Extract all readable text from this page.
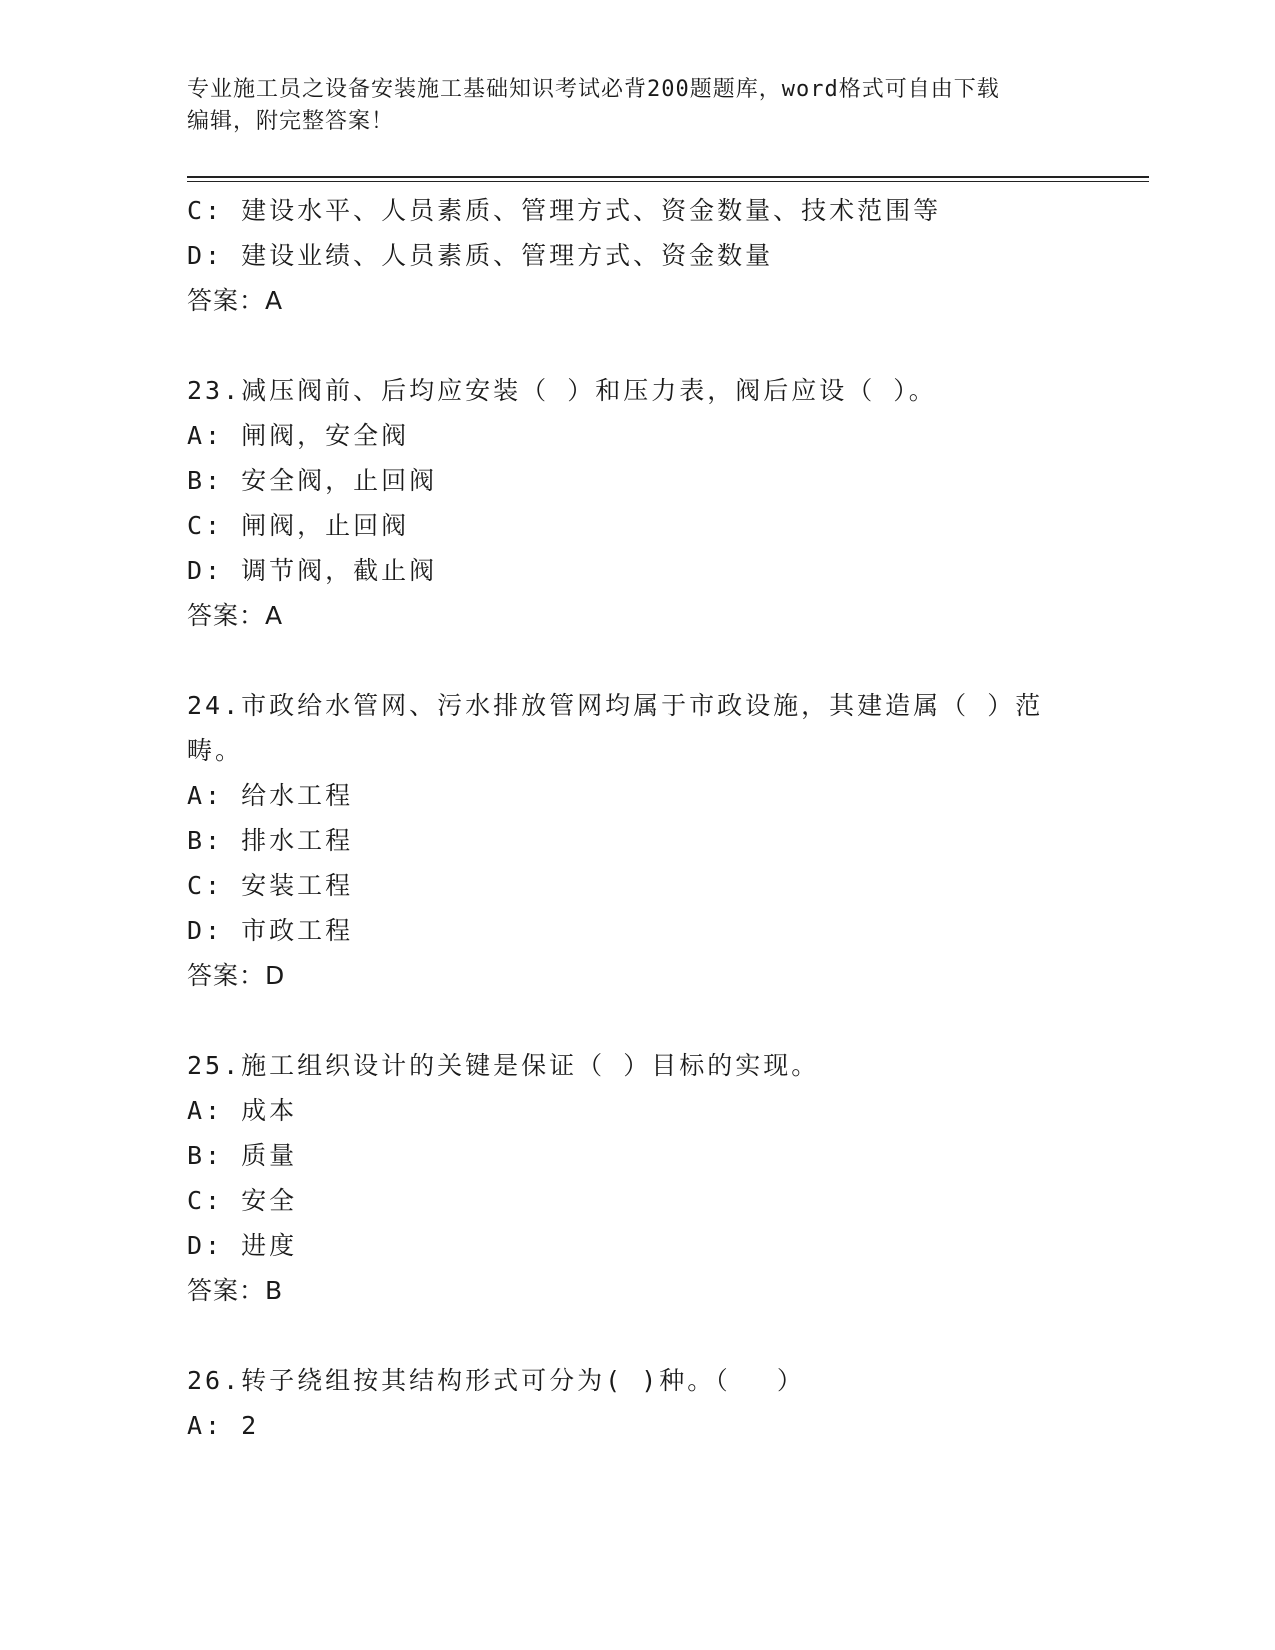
专业施工员之设备安装施工基础知识考试必背200题题库，word格式可自由下载
编辑，附完整答案！
C: 建设水平、人员素质、管理方式、资金数量、技术范围等
D: 建设业绩、人员素质、管理方式、资金数量
答案：A
23.减压阀前、后均应安装（ ）和压力表，阀后应设（ ）。
A: 闸阀，安全阀
B: 安全阀，止回阀
C: 闸阀，止回阀
D: 调节阀，截止阀
答案：A
24.市政给水管网、污水排放管网均属于市政设施，其建造属（ ）范
畴。
A: 给水工程
B: 排水工程
C: 安装工程
D: 市政工程
答案：D
25.施工组织设计的关键是保证（ ）目标的实现。
A: 成本
B: 质量
C: 安全
D: 进度
答案：B
26.转子绕组按其结构形式可分为( )种。（　 ）
A: 2
